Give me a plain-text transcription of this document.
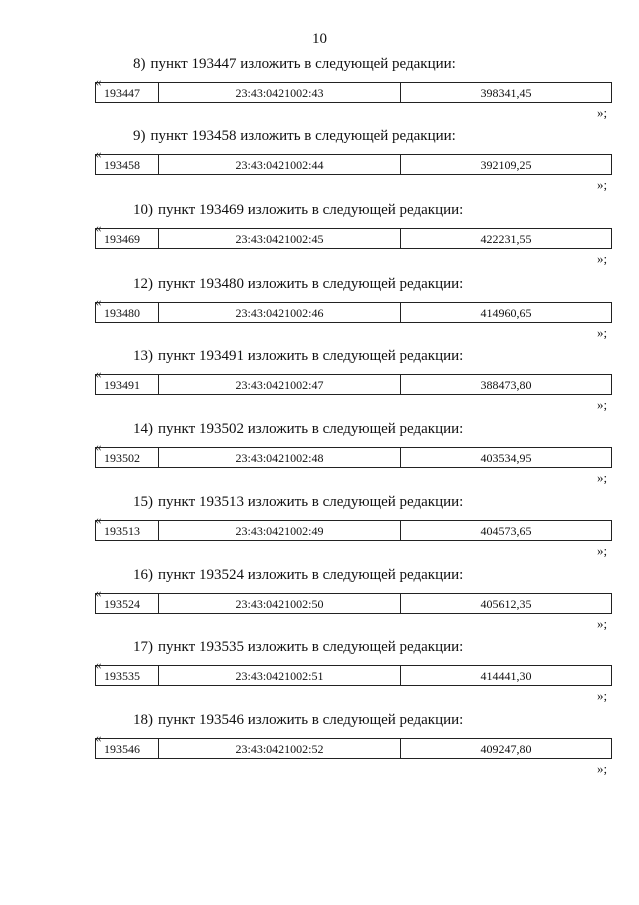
10
8) пункт 193447 изложить в следующей редакции:
«
193447	23:43:0421002:43	398341,45
»;
9) пункт 193458 изложить в следующей редакции:
«
193458	23:43:0421002:44	392109,25
»;
10) пункт 193469 изложить в следующей редакции:
«
193469	23:43:0421002:45	422231,55
»;
12) пункт 193480 изложить в следующей редакции:
«
193480	23:43:0421002:46	414960,65
»;
13) пункт 193491 изложить в следующей редакции:
«
193491	23:43:0421002:47	388473,80
»;
14) пункт 193502 изложить в следующей редакции:
«
193502	23:43:0421002:48	403534,95
»;
15) пункт 193513 изложить в следующей редакции:
«
193513	23:43:0421002:49	404573,65
»;
16) пункт 193524 изложить в следующей редакции:
«
193524	23:43:0421002:50	405612,35
»;
17) пункт 193535 изложить в следующей редакции:
«
193535	23:43:0421002:51	414441,30
»;
18) пункт 193546 изложить в следующей редакции:
«
193546	23:43:0421002:52	409247,80
»;
